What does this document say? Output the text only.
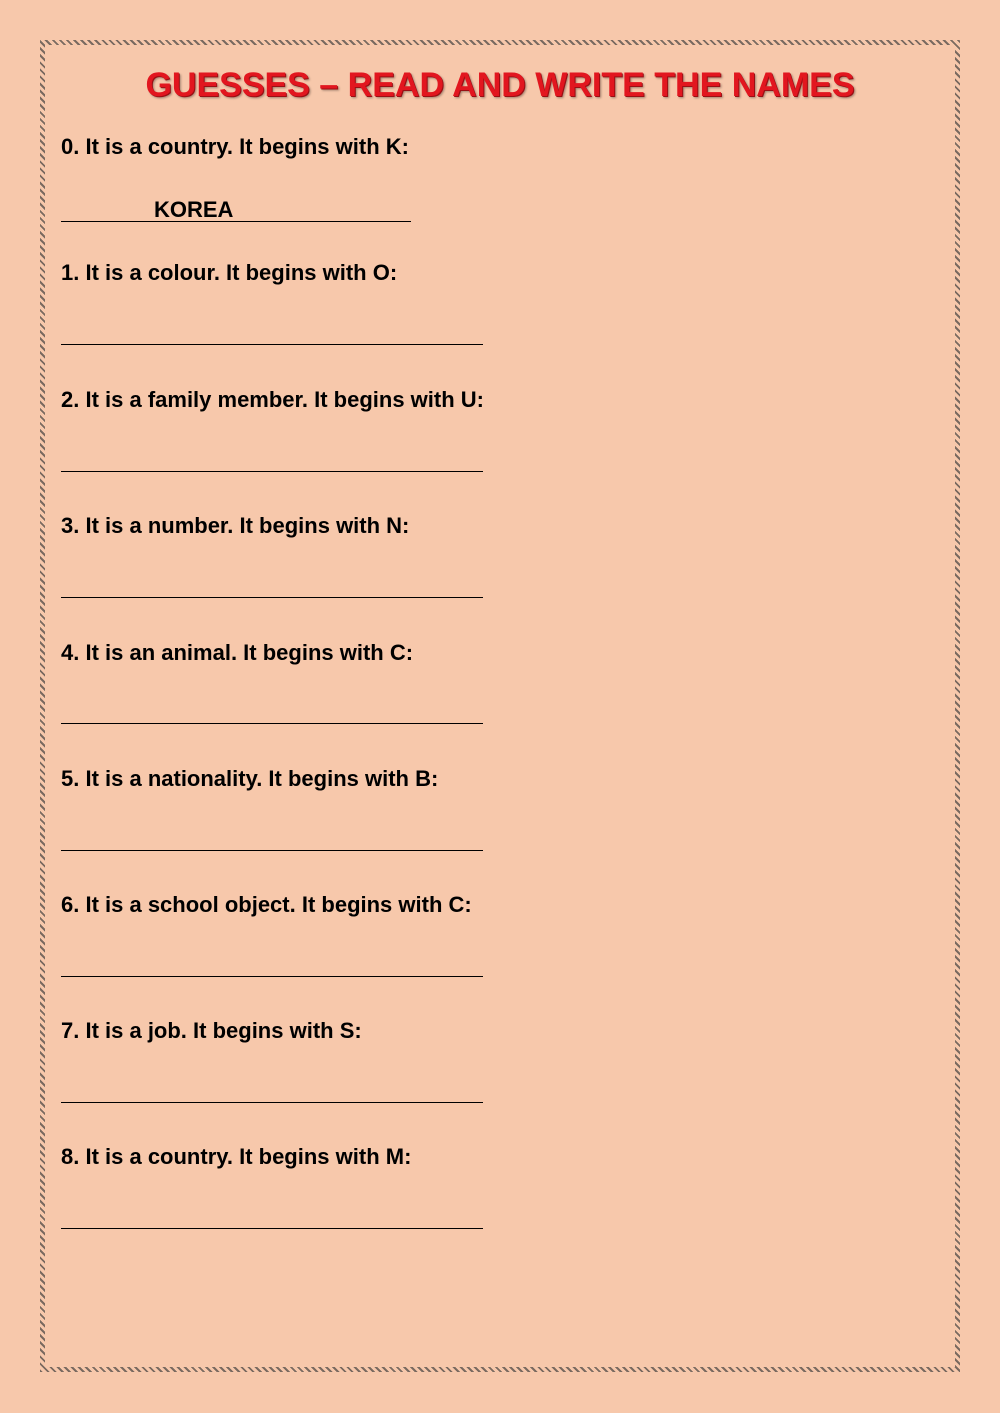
GUESSES – READ AND WRITE THE NAMES
0. It is a country. It begins with K:
KOREA
1. It is a colour. It begins with O:
2. It is a family member. It begins with U:
3. It is a number. It begins with N:
4. It is an animal. It begins with C:
5. It is a nationality. It begins with B:
6. It is a school object. It begins with C:
7. It is a job. It begins with S:
8. It is a country. It begins with M:
